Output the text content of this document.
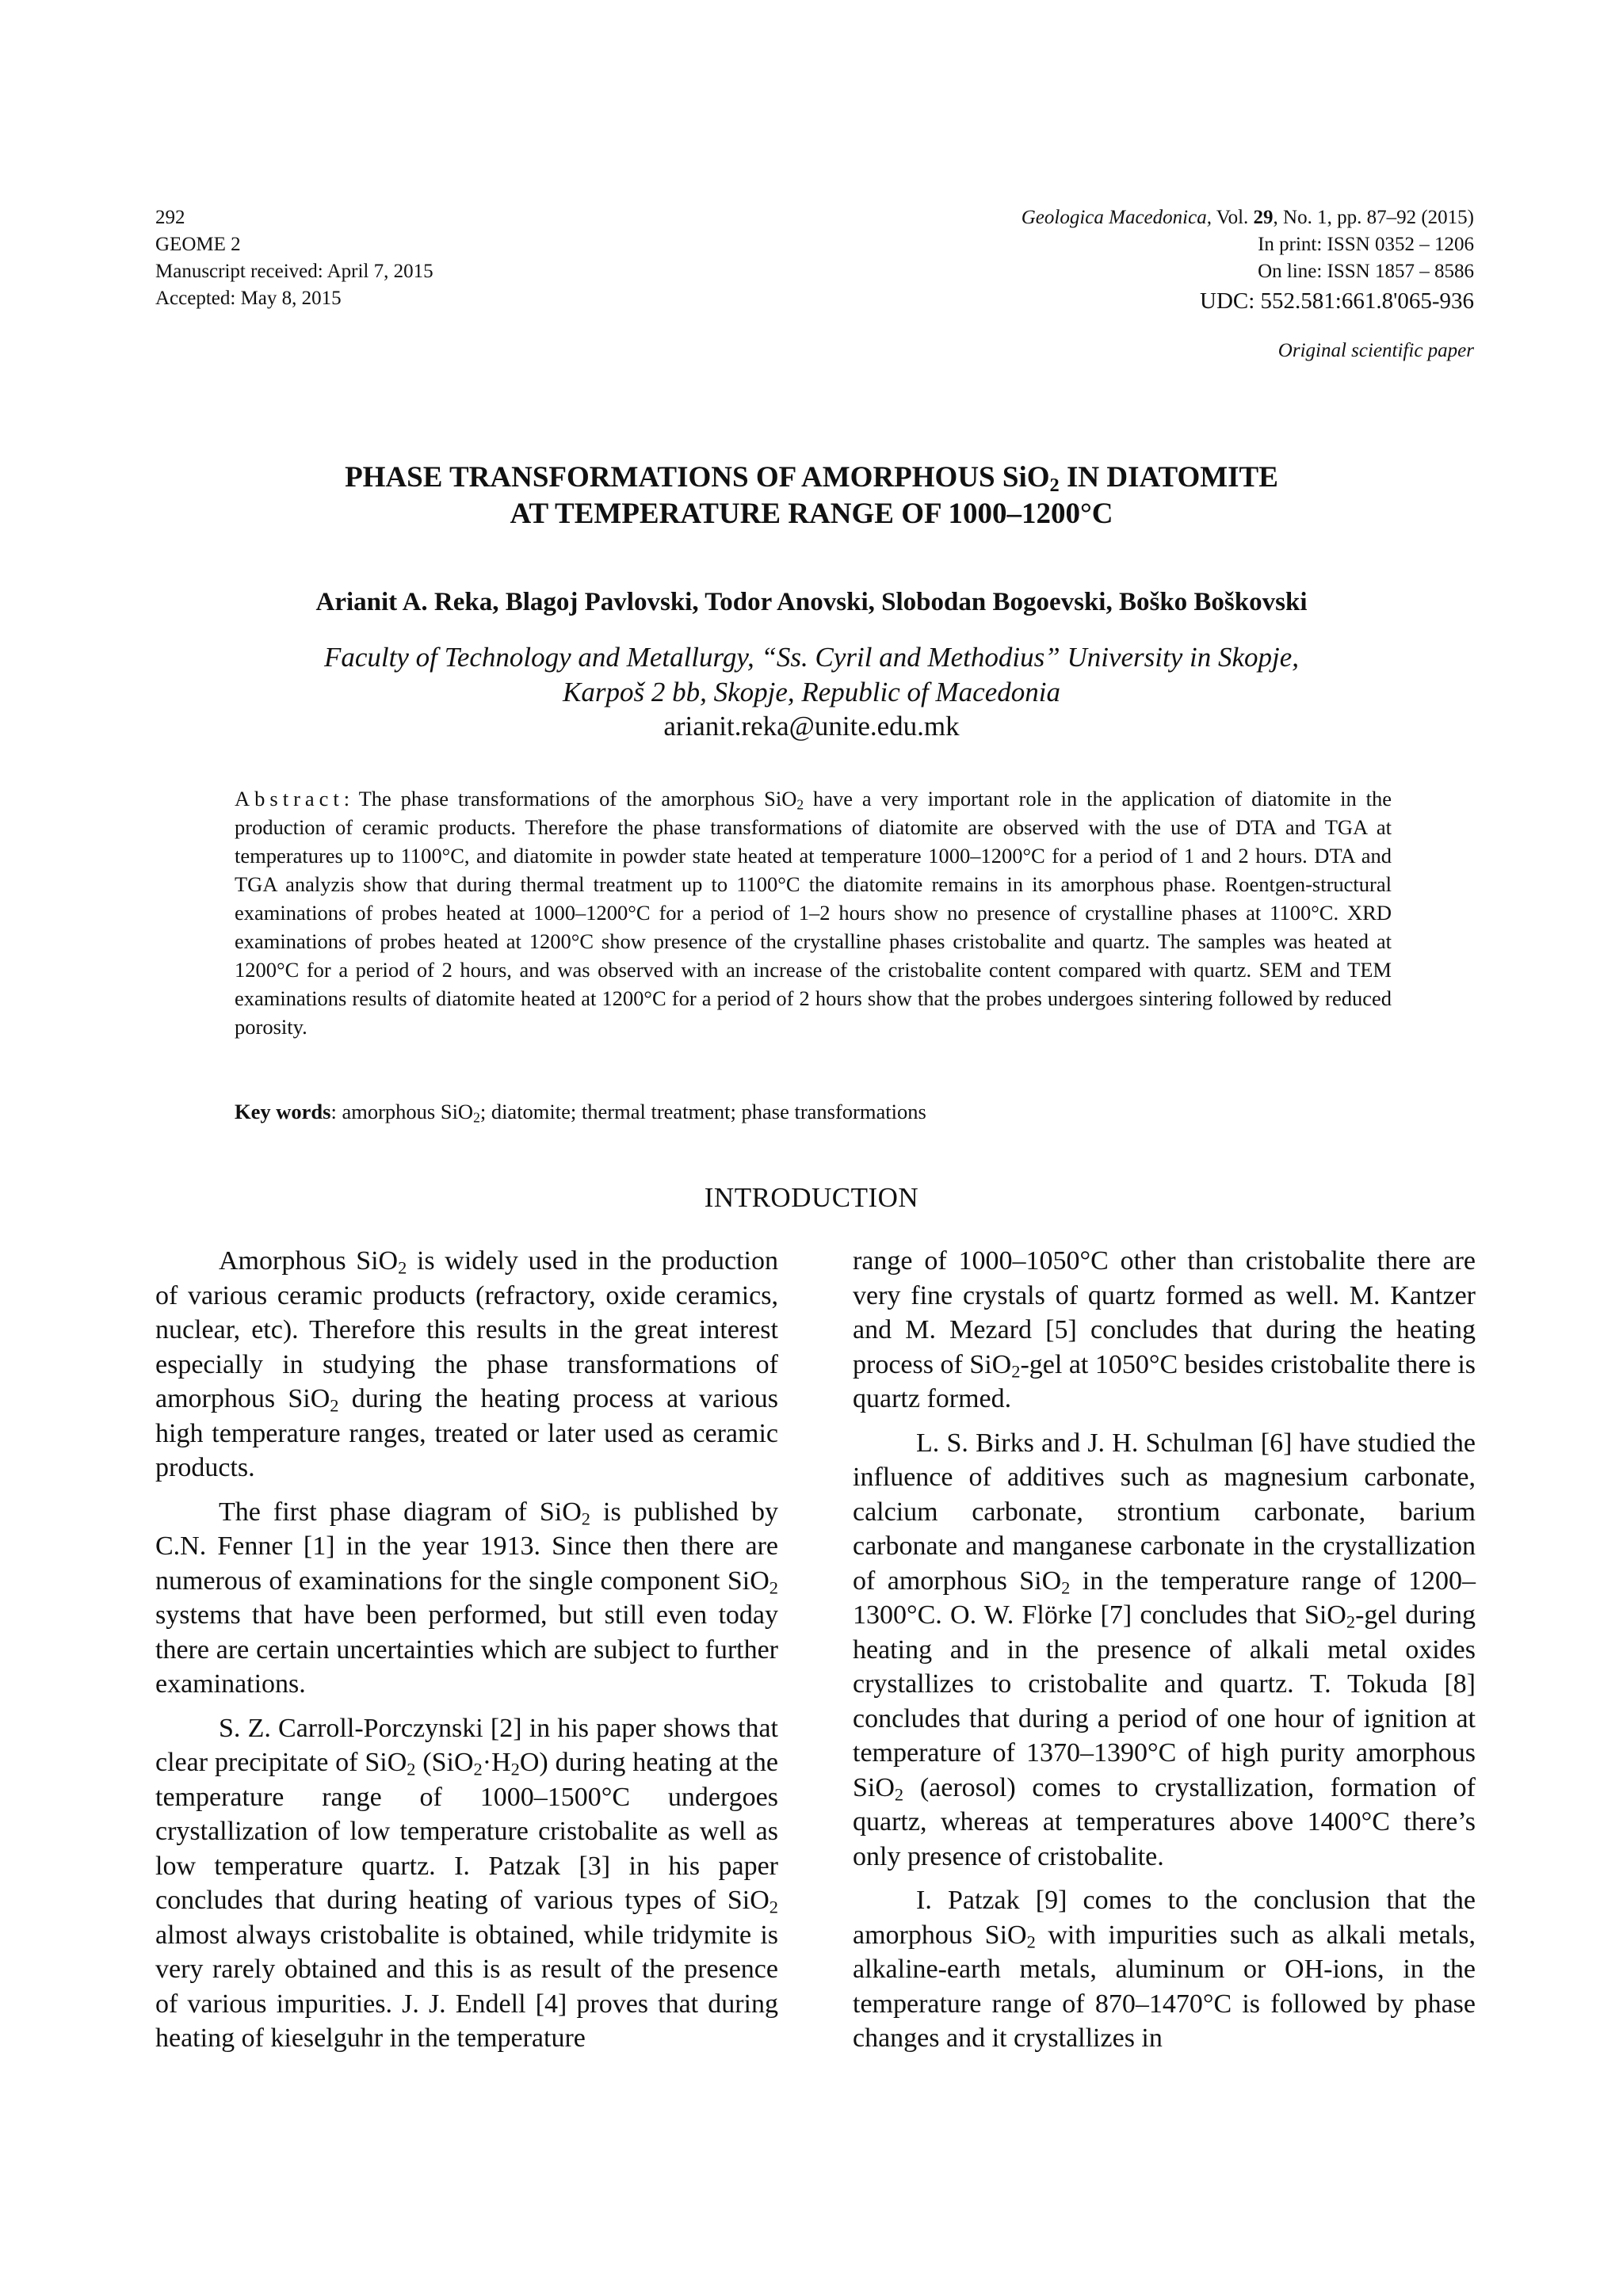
292
GEOME 2
Manuscript received: April 7, 2015
Accepted: May 8, 2015
Geologica Macedonica, Vol. 29, No. 1, pp. 87–92 (2015)
In print: ISSN 0352 – 1206
On line: ISSN 1857 – 8586
UDC: 552.581:661.8'065-936
Original scientific paper
PHASE TRANSFORMATIONS OF AMORPHOUS SiO$_2$ IN DIATOMITE
AT TEMPERATURE RANGE OF 1000–1200°C
Arianit A. Reka, Blagoj Pavlovski, Todor Anovski, Slobodan Bogoevski, Boško Boškovski
Faculty of Technology and Metallurgy, “Ss. Cyril and Methodius” University in Skopje,
Karpoš 2 bb, Skopje, Republic of Macedonia
arianit.reka@unite.edu.mk
Abstract: The phase transformations of the amorphous SiO$_2$ have a very important role in the application of diatomite in the production of ceramic products. Therefore the phase transformations of diatomite are observed with the use of DTA and TGA at temperatures up to 1100°C, and diatomite in powder state heated at temperature 1000–1200°C for a period of 1 and 2 hours. DTA and TGA analyzis show that during thermal treatment up to 1100°C the diatomite remains in its amorphous phase. Roentgen-structural examinations of probes heated at 1000–1200°C for a period of 1–2 hours show no presence of crystalline phases at 1100°C. XRD examinations of probes heated at 1200°C show presence of the crystalline phases cristobalite and quartz. The samples was heated at 1200°C for a period of 2 hours, and was observed with an increase of the cristobalite content compared with quartz. SEM and TEM examinations results of diatomite heated at 1200°C for a period of 2 hours show that the probes undergoes sintering followed by reduced porosity.
Key words: amorphous SiO$_2$; diatomite; thermal treatment; phase transformations
INTRODUCTION

Amorphous SiO$_2$ is widely used in the production of various ceramic products (refractory, oxide ceramics, nuclear, etc). Therefore this results in the great interest especially in studying the phase transformations of amorphous SiO$_2$ during the heating process at various high temperature ranges, treated or later used as ceramic products.

The first phase diagram of SiO$_2$ is published by C.N. Fenner [1] in the year 1913. Since then there are numerous of examinations for the single component SiO$_2$ systems that have been performed, but still even today there are certain uncertainties which are subject to further examinations.

S. Z. Carroll-Porczynski [2] in his paper shows that clear precipitate of SiO$_2$ $(SiO_2\cdot H_2O)$ during heating at the temperature range of 1000–1500°C undergoes crystallization of low temperature cristobalite as well as low temperature quartz. I. Patzak [3] in his paper concludes that during heating of various types of SiO$_2$ almost always cristobalite is obtained, while tridymite is very rarely obtained and this is as result of the presence of various impurities. J. J. Endell [4] proves that during heating of kieselguhr in the temperature

range of 1000–1050°C other than cristobalite there are very fine crystals of quartz formed as well. M. Kantzer and M. Mezard [5] concludes that during the heating process of SiO$_2$-gel at 1050°C besides cristobalite there is quartz formed.

L. S. Birks and J. H. Schulman [6] have studied the influence of additives such as magnesium carbonate, calcium carbonate, strontium carbonate, barium carbonate and manganese carbonate in the crystallization of amorphous SiO$_2$ in the temperature range of 1200–1300°C. O. W. Flörke [7] concludes that SiO$_2$-gel during heating and in the presence of alkali metal oxides crystallizes to cristobalite and quartz. T. Tokuda [8] concludes that during a period of one hour of ignition at temperature of 1370–1390°C of high purity amorphous SiO$_2$ (aerosol) comes to crystallization, formation of quartz, whereas at temperatures above 1400°C there’s only presence of cristobalite.

I. Patzak [9] comes to the conclusion that the amorphous SiO$_2$ with impurities such as alkali metals, alkaline-earth metals, aluminum or OH-ions, in the temperature range of 870–1470°C is followed by phase changes and it crystallizes in
